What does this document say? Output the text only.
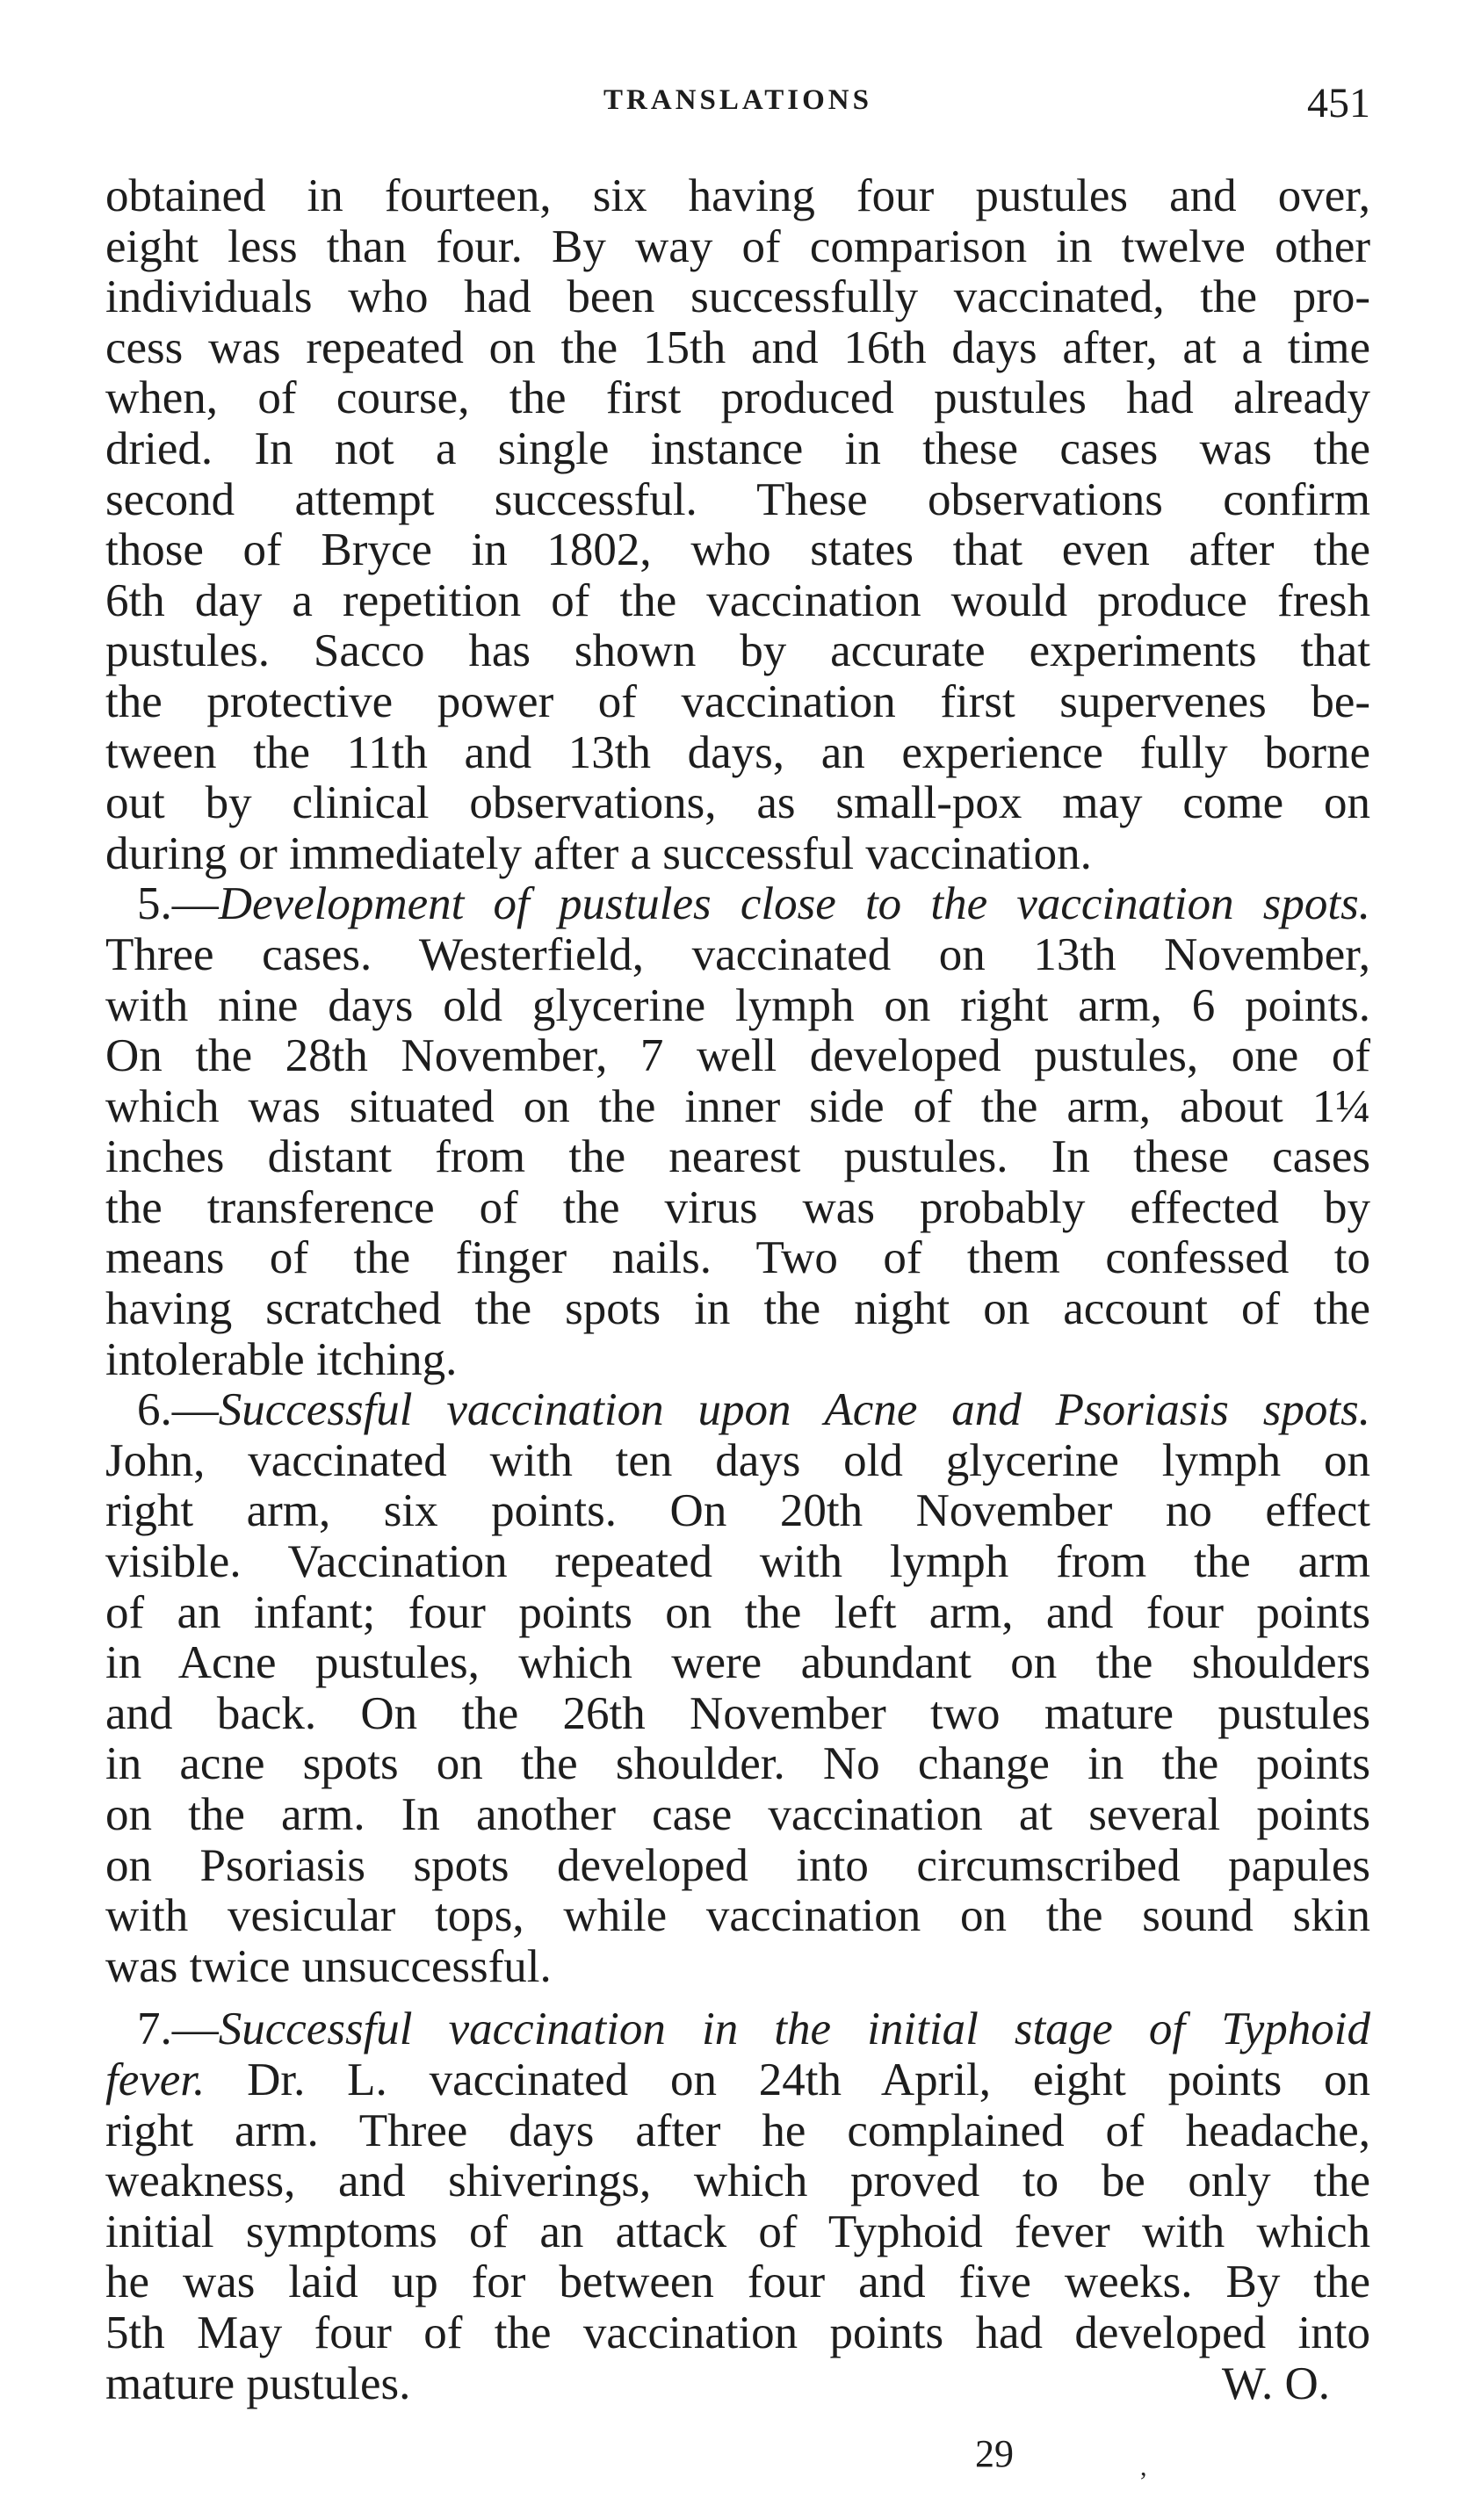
TRANSLATIONS	451
obtained in fourteen, six having four pustules and over,
eight less than four. By way of comparison in twelve other
individuals who had been successfully vaccinated, the pro-
cess was repeated on the 15th and 16th days after, at a time
when, of course, the first produced pustules had already
dried. In not a single instance in these cases was the
second attempt successful. These observations confirm
those of Bryce in 1802, who states that even after the
6th day a repetition of the vaccination would produce fresh
pustules. Sacco has shown by accurate experiments that
the protective power of vaccination first supervenes be-
tween the 11th and 13th days, an experience fully borne
out by clinical observations, as small-pox may come on
during or immediately after a successful vaccination.
5.—Development of pustules close to the vaccination spots.
Three cases. Westerfield, vaccinated on 13th November,
with nine days old glycerine lymph on right arm, 6 points.
On the 28th November, 7 well developed pustules, one of
which was situated on the inner side of the arm, about 1¼
inches distant from the nearest pustules. In these cases
the transference of the virus was probably effected by
means of the finger nails. Two of them confessed to
having scratched the spots in the night on account of the
intolerable itching.
6.—Successful vaccination upon Acne and Psoriasis spots.
John, vaccinated with ten days old glycerine lymph on
right arm, six points. On 20th November no effect
visible. Vaccination repeated with lymph from the arm
of an infant; four points on the left arm, and four points
in Acne pustules, which were abundant on the shoulders
and back. On the 26th November two mature pustules
in acne spots on the shoulder. No change in the points
on the arm. In another case vaccination at several points
on Psoriasis spots developed into circumscribed papules
with vesicular tops, while vaccination on the sound skin
was twice unsuccessful.
7.—Successful vaccination in the initial stage of Typhoid
fever. Dr. L. vaccinated on 24th April, eight points on
right arm. Three days after he complained of headache,
weakness, and shiverings, which proved to be only the
initial symptoms of an attack of Typhoid fever with which
he was laid up for between four and five weeks. By the
5th May four of the vaccination points had developed into
mature pustules.	W. O.
29	,
